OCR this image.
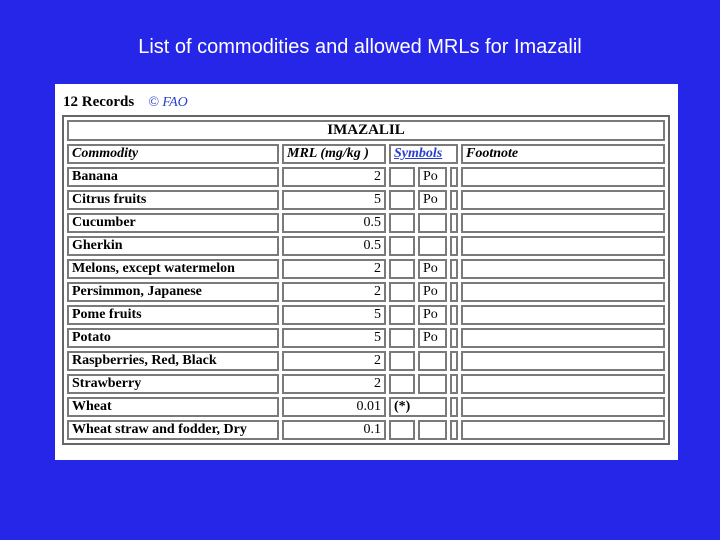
List of commodities and allowed MRLs for Imazalil
12 Records © FAO
IMAZALIL					
Commodity	MRL (mg/kg )	Symbols			Footnote
Banana	2		Po		
Citrus fruits	5		Po		
Cucumber	0.5				
Gherkin	0.5				
Melons, except watermelon	2		Po		
Persimmon, Japanese	2		Po		
Pome fruits	5		Po		
Potato	5		Po		
Raspberries, Red, Black	2				
Strawberry	2				
Wheat	0.01	(*)			
Wheat straw and fodder, Dry	0.1				
